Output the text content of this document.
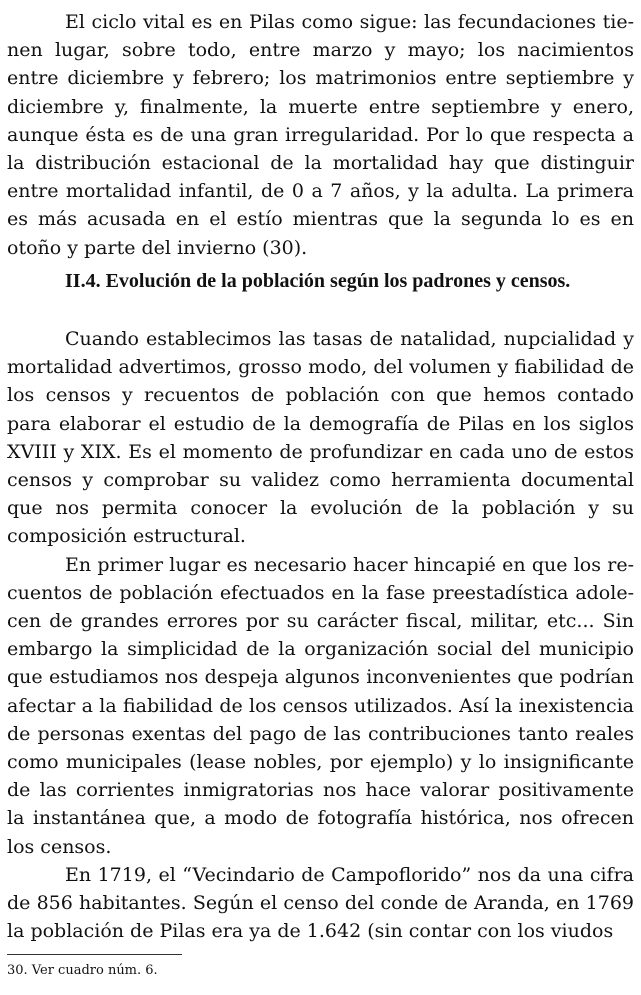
El ciclo vital es en Pilas como sigue: las fecundaciones tienen lugar, sobre todo, entre marzo y mayo; los nacimientos entre diciembre y febrero; los matrimonios entre septiembre y diciembre y, finalmente, la muerte entre septiembre y enero, aunque ésta es de una gran irregularidad. Por lo que respecta a la distribución estacional de la mortalidad hay que distinguir entre mortalidad infantil, de 0 a 7 años, y la adulta. La primera es más acusada en el estío mientras que la segunda lo es en otoño y parte del invierno (30).

II.4. Evolución de la población según los padrones y censos.

Cuando establecimos las tasas de natalidad, nupcialidad y mortalidad advertimos, grosso modo, del volumen y fiabilidad de los censos y recuentos de población con que hemos contado para elaborar el estudio de la demografía de Pilas en los siglos XVIII y XIX. Es el momento de profundizar en cada uno de estos censos y comprobar su validez como herramienta documental que nos permita conocer la evolución de la población y su composición estructural.

En primer lugar es necesario hacer hincapié en que los recuentos de población efectuados en la fase preestadística adolecen de grandes errores por su carácter fiscal, militar, etc... Sin embargo la simplicidad de la organización social del municipio que estudiamos nos despeja algunos inconvenientes que podrían afectar a la fiabilidad de los censos utilizados. Así la inexistencia de personas exentas del pago de las contribuciones tanto reales como municipales (lease nobles, por ejemplo) y lo insignificante de las corrientes inmigratorias nos hace valorar positivamente la instantánea que, a modo de fotografía histórica, nos ofrecen los censos.

En 1719, el “Vecindario de Campoflorido” nos da una cifra de 856 habitantes. Según el censo del conde de Aranda, en 1769 la población de Pilas era ya de 1.642 (sin contar con los viudos

30. Ver cuadro núm. 6.
